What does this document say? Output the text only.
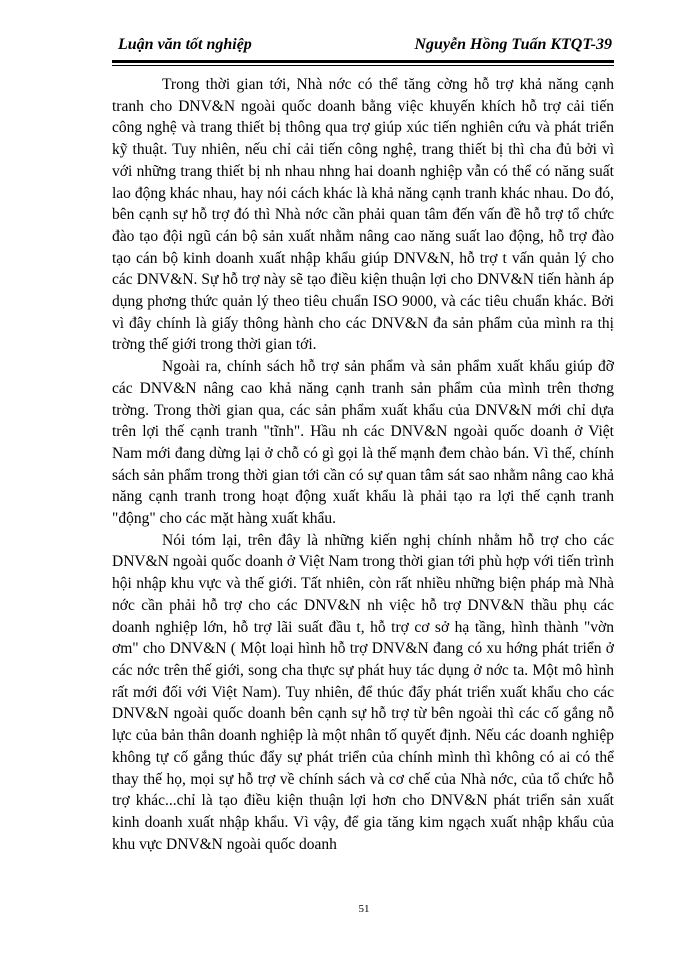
Luận văn tốt nghiệp	Nguyễn Hồng Tuấn KTQT-39

Trong thời gian tới, Nhà nớc có thể tăng cờng hỗ trợ khả năng cạnh tranh cho DNV&N ngoài quốc doanh bằng việc khuyến khích hỗ trợ cải tiến công nghệ và trang thiết bị thông qua trợ giúp xúc tiến nghiên cứu và phát triển kỹ thuật. Tuy nhiên, nếu chỉ cải tiến công nghệ, trang thiết bị thì cha đủ bởi vì với những trang thiết bị nh nhau nhng hai doanh nghiệp vẫn có thể có năng suất lao động khác nhau, hay nói cách khác là khả năng cạnh tranh khác nhau. Do đó, bên cạnh sự hỗ trợ đó thì Nhà nớc cần phải quan tâm đến vấn đề hỗ trợ tổ chức đào tạo đội ngũ cán bộ sản xuất nhằm nâng cao năng suất lao động, hỗ trợ đào tạo cán bộ kinh doanh xuất nhập khẩu giúp DNV&N, hỗ trợ t vấn quản lý cho các DNV&N. Sự hỗ trợ này sẽ tạo điều kiện thuận lợi cho DNV&N tiến hành áp dụng phơng thức quản lý theo tiêu chuẩn ISO 9000, và các tiêu chuẩn khác. Bởi vì đây chính là giấy thông hành cho các DNV&N đa sản phẩm của mình ra thị trờng thế giới trong thời gian tới.

Ngoài ra, chính sách hỗ trợ sản phẩm và sản phẩm xuất khẩu giúp đỡ các DNV&N nâng cao khả năng cạnh tranh sản phẩm của mình trên thơng trờng. Trong thời gian qua, các sản phẩm xuất khẩu của DNV&N mới chỉ dựa trên lợi thế cạnh tranh "tĩnh". Hầu nh các DNV&N ngoài quốc doanh ở Việt Nam mới đang dừng lại ở chỗ có gì gọi là thế mạnh đem chào bán. Vì thế, chính sách sản phẩm trong thời gian tới cần có sự quan tâm sát sao nhằm nâng cao khả năng cạnh tranh trong hoạt động xuất khẩu là phải tạo ra lợi thế cạnh tranh "động" cho các mặt hàng xuất khẩu.

Nói tóm lại, trên đây là những kiến nghị chính nhằm hỗ trợ cho các DNV&N ngoài quốc doanh ở Việt Nam trong thời gian tới phù hợp với tiến trình hội nhập khu vực và thế giới. Tất nhiên, còn rất nhiều những biện pháp mà Nhà nớc cần phải hỗ trợ cho các DNV&N nh việc hỗ trợ DNV&N thầu phụ các doanh nghiệp lớn, hỗ trợ lãi suất đầu t, hỗ trợ cơ sở hạ tầng, hình thành "vờn ơm" cho DNV&N ( Một loại hình hỗ trợ DNV&N đang có xu hớng phát triển ở các nớc trên thế giới, song cha thực sự phát huy tác dụng ở nớc ta. Một mô hình rất mới đối với Việt Nam). Tuy nhiên, để thúc đẩy phát triển xuất khẩu cho các DNV&N ngoài quốc doanh bên cạnh sự hỗ trợ từ bên ngoài thì các cố gắng nỗ lực của bản thân doanh nghiệp là một nhân tố quyết định. Nếu các doanh nghiệp không tự cố gắng thúc đẩy sự phát triển của chính mình thì không có ai có thể thay thế họ, mọi sự hỗ trợ về chính sách và cơ chế của Nhà nớc, của tổ chức hỗ trợ khác...chỉ là tạo điều kiện thuận lợi hơn cho DNV&N phát triển sản xuất kinh doanh xuất nhập khẩu. Vì vậy, để gia tăng kim ngạch xuất nhập khẩu của khu vực DNV&N ngoài quốc doanh

51
